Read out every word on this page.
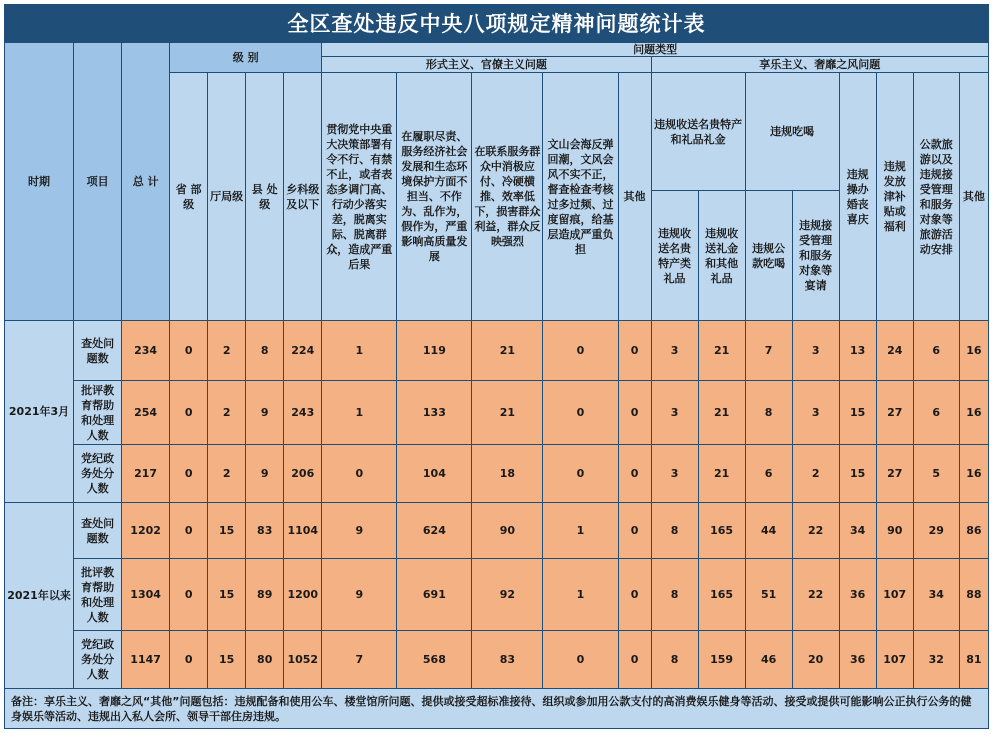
全区查处违反中央八项规定精神问题统计表
时期	项目	总 计	级 别				问题类型												
							形式主义、官僚主义问题					享乐主义、奢靡之风问题							
			省 部级	厅局级	县 处级	乡科级及以下	贯彻党中央重大决策部署有令不行、有禁不止，或者表态多调门高、行动少落实差，脱离实际、脱离群众，造成严重后果	在履职尽责、服务经济社会发展和生态环境保护方面不担当、不作为、乱作为，假作为，严重影响高质量发展	在联系服务群众中消极应付、冷硬横推、效率低下，损害群众利益，群众反映强烈	文山会海反弹回潮，文风会风不实不正，督查检查考核过多过频、过度留痕，给基层造成严重负担	其他	违规收送名贵特产和礼品礼金		违规吃喝		违规操办婚丧喜庆	违规发放津补贴或福利	公款旅游以及违规接受管理和服务对象等旅游活动安排	其他
												违规收送名贵特产类礼品	违规收送礼金和其他礼品	违规公款吃喝	违规接受管理和服务对象等宴请				
2021年3月	查处问题数	234	0	2	8	224	1	119	21	0	0	3	21	7	3	13	24	6	16
	批评教育帮助和处理人数	254	0	2	9	243	1	133	21	0	0	3	21	8	3	15	27	6	16
	党纪政务处分人数	217	0	2	9	206	0	104	18	0	0	3	21	6	2	15	27	5	16
2021年以来	查处问题数	1202	0	15	83	1104	9	624	90	1	0	8	165	44	22	34	90	29	86
	批评教育帮助和处理人数	1304	0	15	89	1200	9	691	92	1	0	8	165	51	22	36	107	34	88
	党纪政务处分人数	1147	0	15	80	1052	7	568	83	0	0	8	159	46	20	36	107	32	81
备注：享乐主义、奢靡之风“其他”问题包括：违规配备和使用公车、楼堂馆所问题、提供或接受超标准接待、组织或参加用公款支付的高消费娱乐健身等活动、接受或提供可能影响公正执行公务的健身娱乐等活动、违规出入私人会所、领导干部住房违规。																			
